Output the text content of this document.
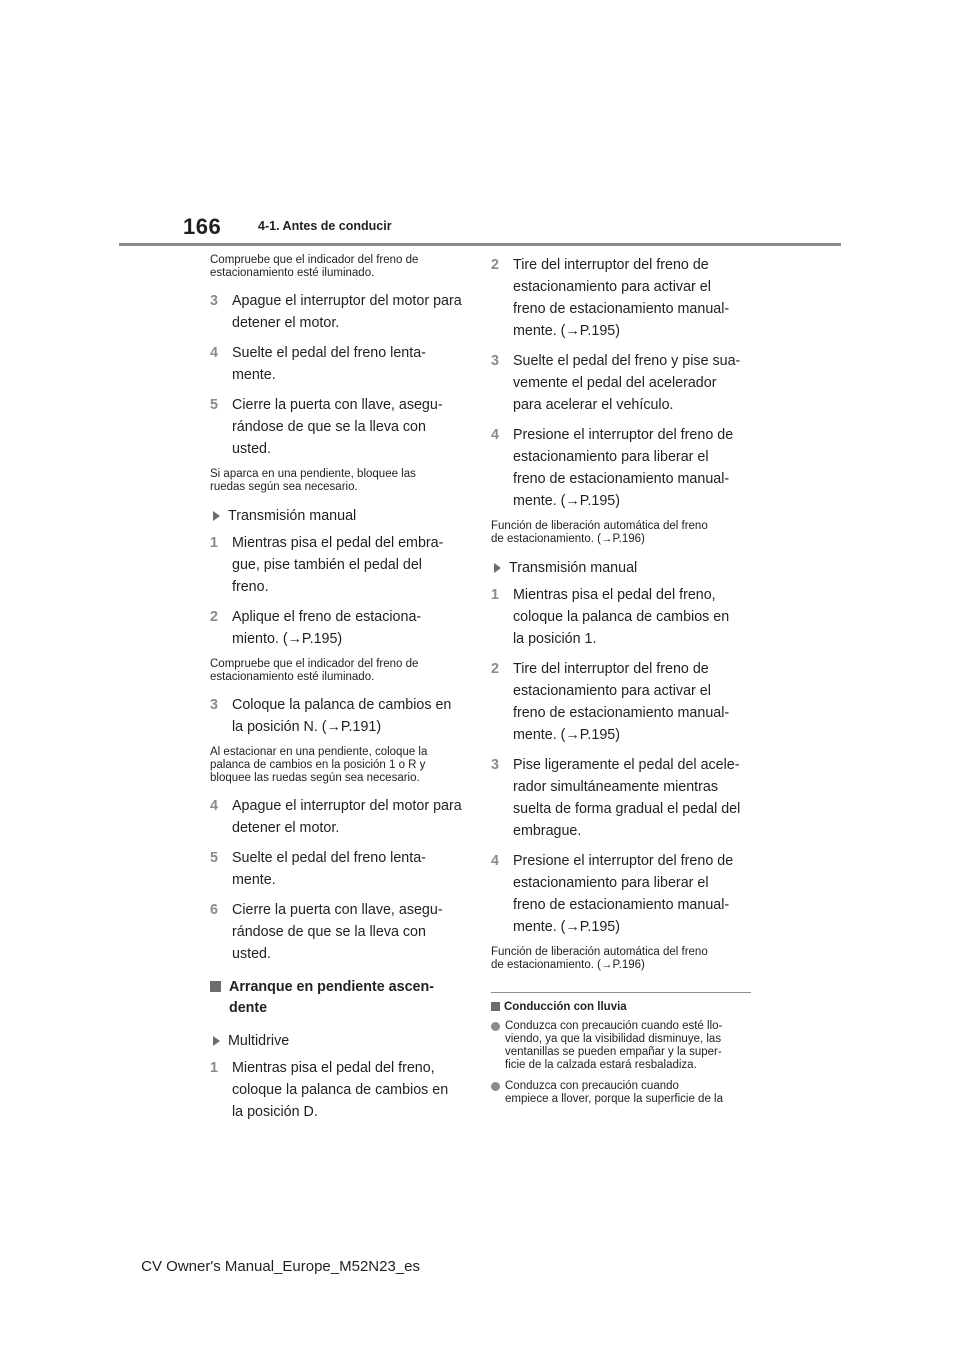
166	4-1. Antes de conducir
Compruebe que el indicador del freno de
estacionamiento esté iluminado.
3 Apague el interruptor del motor para
detener el motor.
4 Suelte el pedal del freno lenta-
mente.
5 Cierre la puerta con llave, asegu-
rándose de que se la lleva con
usted.
Si aparca en una pendiente, bloquee las
ruedas según sea necesario.
Transmisión manual
1 Mientras pisa el pedal del embra-
gue, pise también el pedal del
freno.
2 Aplique el freno de estaciona-
miento. (→P.195)
Compruebe que el indicador del freno de
estacionamiento esté iluminado.
3 Coloque la palanca de cambios en
la posición N. (→P.191)
Al estacionar en una pendiente, coloque la
palanca de cambios en la posición 1 o R y
bloquee las ruedas según sea necesario.
4 Apague el interruptor del motor para
detener el motor.
5 Suelte el pedal del freno lenta-
mente.
6 Cierre la puerta con llave, asegu-
rándose de que se la lleva con
usted.
Arranque en pendiente ascen-
dente
Multidrive
1 Mientras pisa el pedal del freno,
coloque la palanca de cambios en
la posición D.
2 Tire del interruptor del freno de
estacionamiento para activar el
freno de estacionamiento manual-
mente. (→P.195)
3 Suelte el pedal del freno y pise sua-
vemente el pedal del acelerador
para acelerar el vehículo.
4 Presione el interruptor del freno de
estacionamiento para liberar el
freno de estacionamiento manual-
mente. (→P.195)
Función de liberación automática del freno
de estacionamiento. (→P.196)
Transmisión manual
1 Mientras pisa el pedal del freno,
coloque la palanca de cambios en
la posición 1.
2 Tire del interruptor del freno de
estacionamiento para activar el
freno de estacionamiento manual-
mente. (→P.195)
3 Pise ligeramente el pedal del acele-
rador simultáneamente mientras
suelta de forma gradual el pedal del
embrague.
4 Presione el interruptor del freno de
estacionamiento para liberar el
freno de estacionamiento manual-
mente. (→P.195)
Función de liberación automática del freno
de estacionamiento. (→P.196)
Conducción con lluvia
Conduzca con precaución cuando esté llo-
viendo, ya que la visibilidad disminuye, las
ventanillas se pueden empañar y la super-
ficie de la calzada estará resbaladiza.
Conduzca con precaución cuando
empiece a llover, porque la superficie de la
CV Owner's Manual_Europe_M52N23_es
